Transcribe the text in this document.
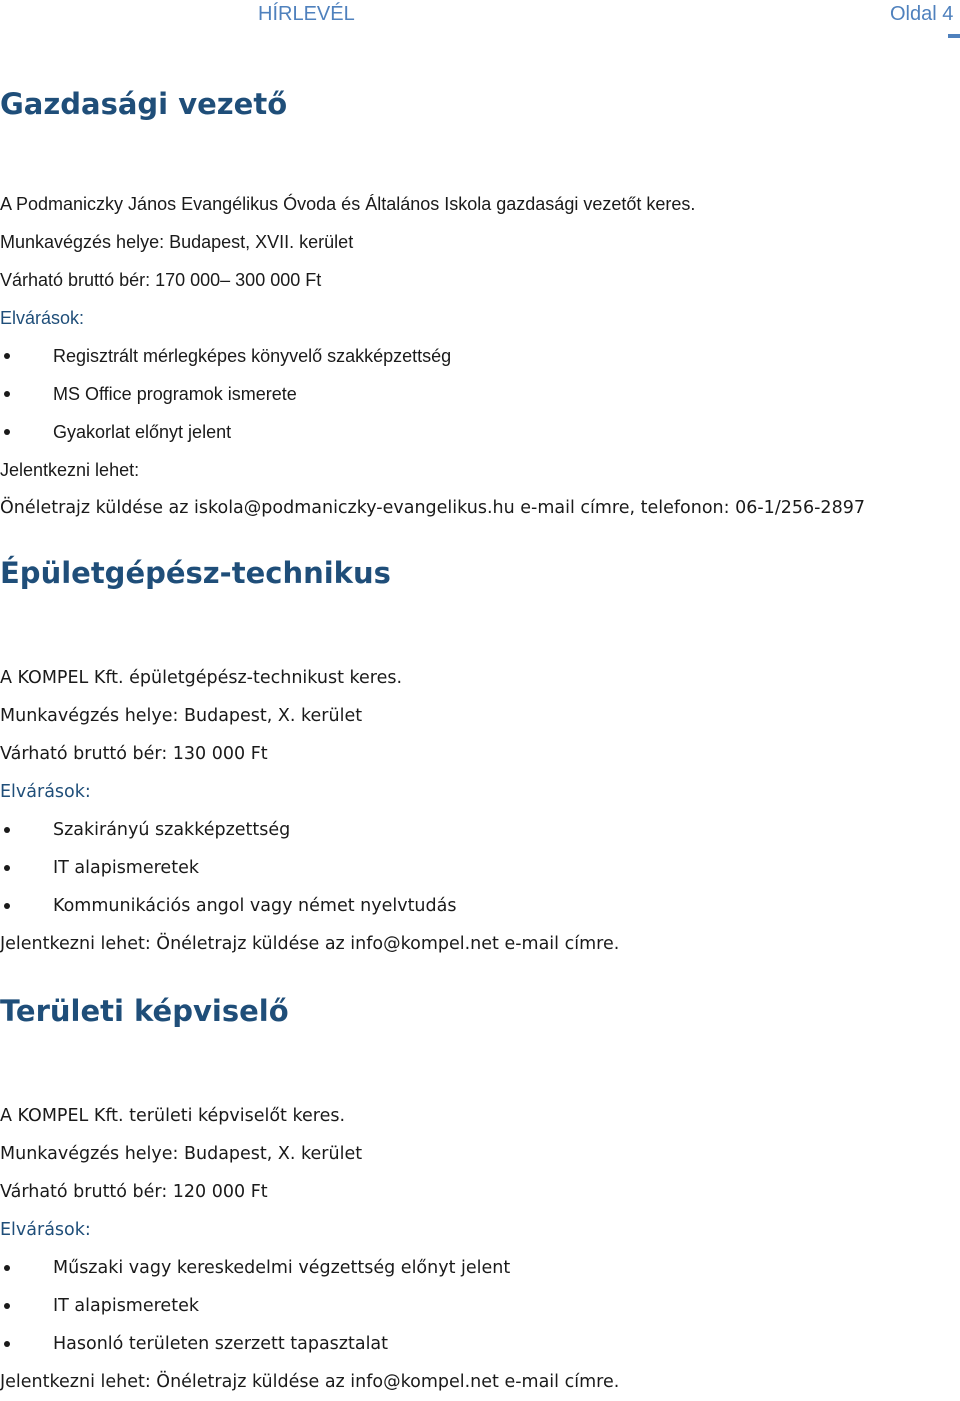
HÍRLEVÉL	Oldal 4
Gazdasági vezető
A Podmaniczky János Evangélikus Óvoda és Általános Iskola gazdasági vezetőt keres.
Munkavégzés helye: Budapest, XVII. kerület
Várható bruttó bér: 170 000– 300 000 Ft
Elvárások:
Regisztrált mérlegképes könyvelő szakképzettség
MS Office programok ismerete
Gyakorlat előnyt jelent
Jelentkezni lehet:
Önéletrajz küldése az iskola@podmaniczky-evangelikus.hu e-mail címre, telefonon: 06-1/256-2897
Épületgépész-technikus
A KOMPEL Kft. épületgépész-technikust keres.
Munkavégzés helye: Budapest, X. kerület
Várható bruttó bér: 130 000 Ft
Elvárások:
Szakirányú szakképzettség
IT alapismeretek
Kommunikációs angol vagy német nyelvtudás
Jelentkezni lehet: Önéletrajz küldése az info@kompel.net e-mail címre.
Területi képviselő
A KOMPEL Kft. területi képviselőt keres.
Munkavégzés helye: Budapest, X. kerület
Várható bruttó bér: 120 000 Ft
Elvárások:
Műszaki vagy kereskedelmi végzettség előnyt jelent
IT alapismeretek
Hasonló területen szerzett tapasztalat
Jelentkezni lehet: Önéletrajz küldése az info@kompel.net e-mail címre.
